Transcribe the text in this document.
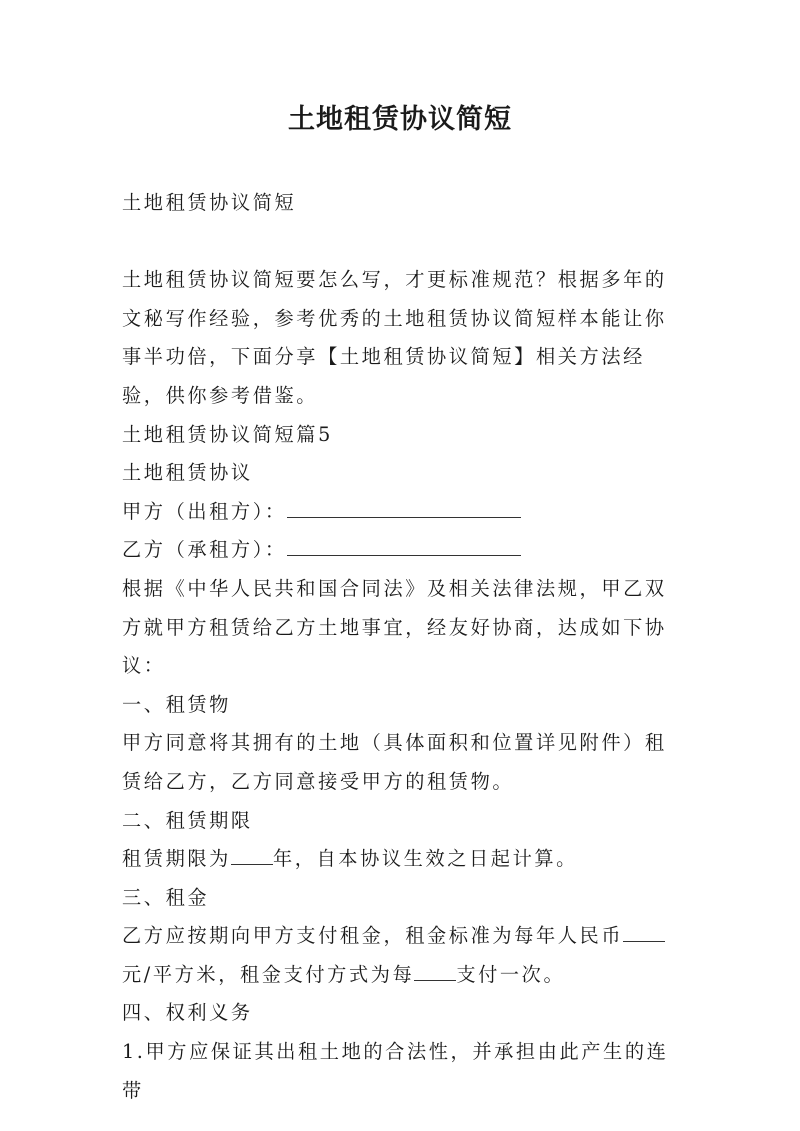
土地租赁协议简短

土地租赁协议简短

土地租赁协议简短要怎么写，才更标准规范？根据多年的文秘写作经验，参考优秀的土地租赁协议简短样本能让你事半功倍，下面分享【土地租赁协议简短】相关方法经验，供你参考借鉴。

土地租赁协议简短篇5

土地租赁协议

甲方（出租方）：

乙方（承租方）：

根据《中华人民共和国合同法》及相关法律法规，甲乙双方就甲方租赁给乙方土地事宜，经友好协商，达成如下协议：

一、租赁物

甲方同意将其拥有的土地（具体面积和位置详见附件）租赁给乙方，乙方同意接受甲方的租赁物。

二、租赁期限

租赁期限为 年，自本协议生效之日起计算。

三、租金

乙方应按期向甲方支付租金，租金标准为每年人民币元/平方米，租金支付方式为每 支付一次。

四、权利义务

1.甲方应保证其出租土地的合法性，并承担由此产生的连带
